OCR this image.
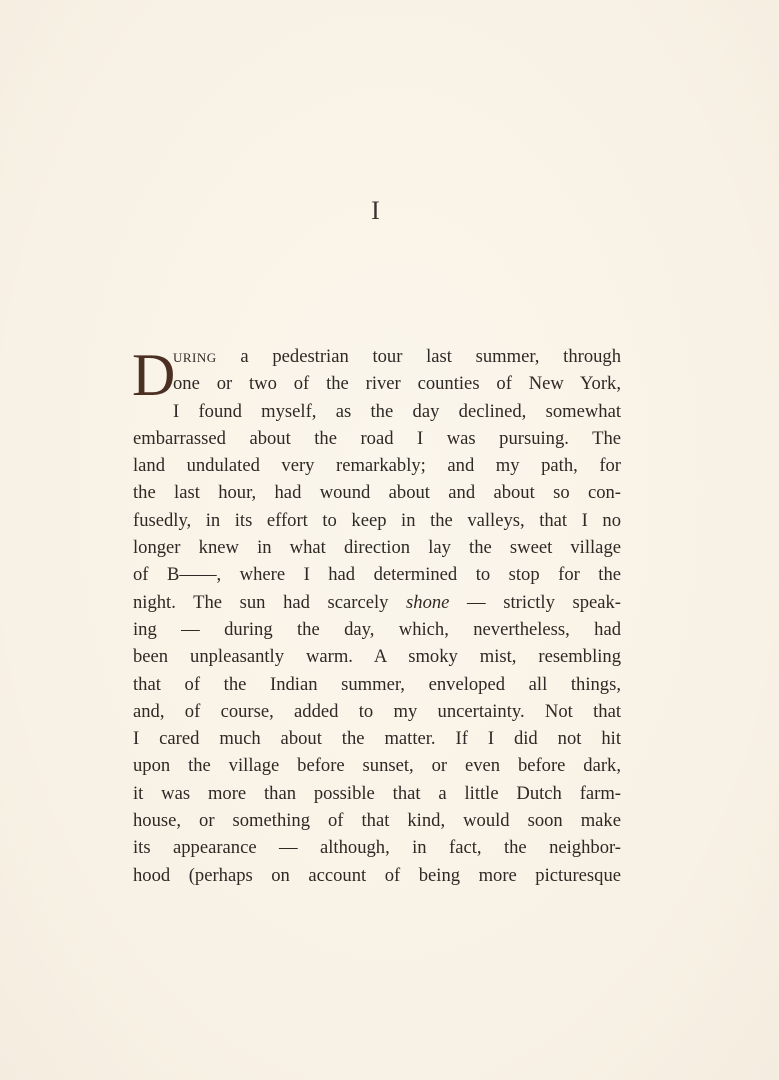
I
D
uring a pedestrian tour last summer, through
one or two of the river counties of New York,
I found myself, as the day declined, somewhat
embarrassed about the road I was pursuing. The
land undulated very remarkably; and my path, for
the last hour, had wound about and about so con-
fusedly, in its effort to keep in the valleys, that I no
longer knew in what direction lay the sweet village
of B——, where I had determined to stop for the
night. The sun had scarcely shone — strictly speak-
ing — during the day, which, nevertheless, had
been unpleasantly warm. A smoky mist, resembling
that of the Indian summer, enveloped all things,
and, of course, added to my uncertainty. Not that
I cared much about the matter. If I did not hit
upon the village before sunset, or even before dark,
it was more than possible that a little Dutch farm-
house, or something of that kind, would soon make
its appearance — although, in fact, the neighbor-
hood (perhaps on account of being more picturesque
